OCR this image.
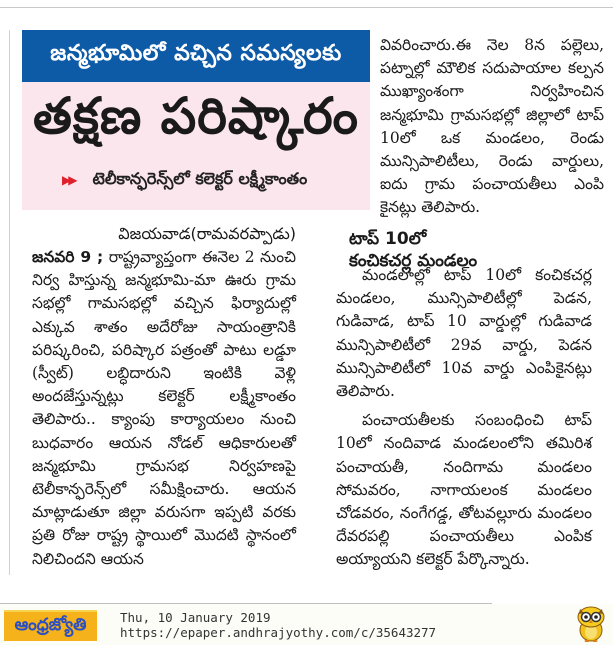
జన్మభూమిలో వచ్చిన సమస్యలకు
తక్షణ పరిష్కారం
▶▶ టెలీకాన్ఫరెన్స్‌లో కలెక్టర్ లక్ష్మీకాంతం

వివరించారు.ఈ నెల 8న పల్లెలు, పట్నాల్లో మౌలిక సదుపాయాల కల్పన ముఖ్యాంశంగా నిర్వహించిన జన్మభూమి గ్రామసభల్లో జిల్లాలో టాప్ 10లో ఒక మండలం, రెండు మున్సిపాలిటీలు, రెండు వార్డులు, ఐదు గ్రామ పంచాయతీలు ఎంపి కైనట్లు తెలిపారు.

విజయవాడ(రామవరప్పాడు)

జనవరి 9 ; రాష్ట్రవ్యాప్తంగా ఈనెల 2 నుంచి నిర్వ హిస్తున్న జన్మభూమి-మా ఊరు గ్రామ సభల్లో గామసభల్లో వచ్చిన ఫిర్యాదుల్లో ఎక్కువ శాతం అదేరోజు సాయంత్రానికి పరిష్కరించి, పరిష్కార పత్రంతో పాటు లడ్డూ (స్వీట్) లబ్ధిదారుని ఇంటికి వెళ్లి అందజేస్తున్నట్లు కలెక్టర్ లక్ష్మీకాంతం తెలిపారు.. క్యాంపు కార్యాయలం నుంచి బుధవారం ఆయన నోడల్ ఆధికారులతో జన్మభూమి గ్రామసభ నిర్వహణపై టెలీకాన్ఫరెన్స్‌లో సమీక్షించారు. ఆయన మాట్లాడుతూ జిల్లా వరుసగా ఇప్పటి వరకు ప్రతి రోజు రాష్ట్ర స్థాయిలో మొదటి స్థానంలో నిలిచిందని ఆయన

టాప్ 10లో
కంచికచర్ల మండలం

మండలాల్లో టాప్ 10లో కంచికచర్ల మండలం, మున్సిపాలిటీల్లో పెడన, గుడివాడ, టాప్ 10 వార్డుల్లో గుడివాడ మున్సిపాలిటీలో 29వ వార్డు, పెడన మున్సిపాలిటీలో 10వ వార్డు ఎంపికైనట్లు తెలిపారు.

పంచాయతీలకు సంబంధించి టాప్ 10లో నందివాడ మండలంలోని తమిరిశ పంచాయతీ, నందిగామ మండలం సోమవరం, నాగాయలంక మండలం చోడవరం, నంగేగడ్డ, తోటవల్లూరు మండలం దేవరపల్లి పంచాయతీలు ఎంపిక అయ్యాయని కలెక్టర్ పేర్కొన్నారు.

ఆంధ్రజ్యోతి	Thu, 10 January 2019
https://epaper.andhrajyothy.com/c/35643277
